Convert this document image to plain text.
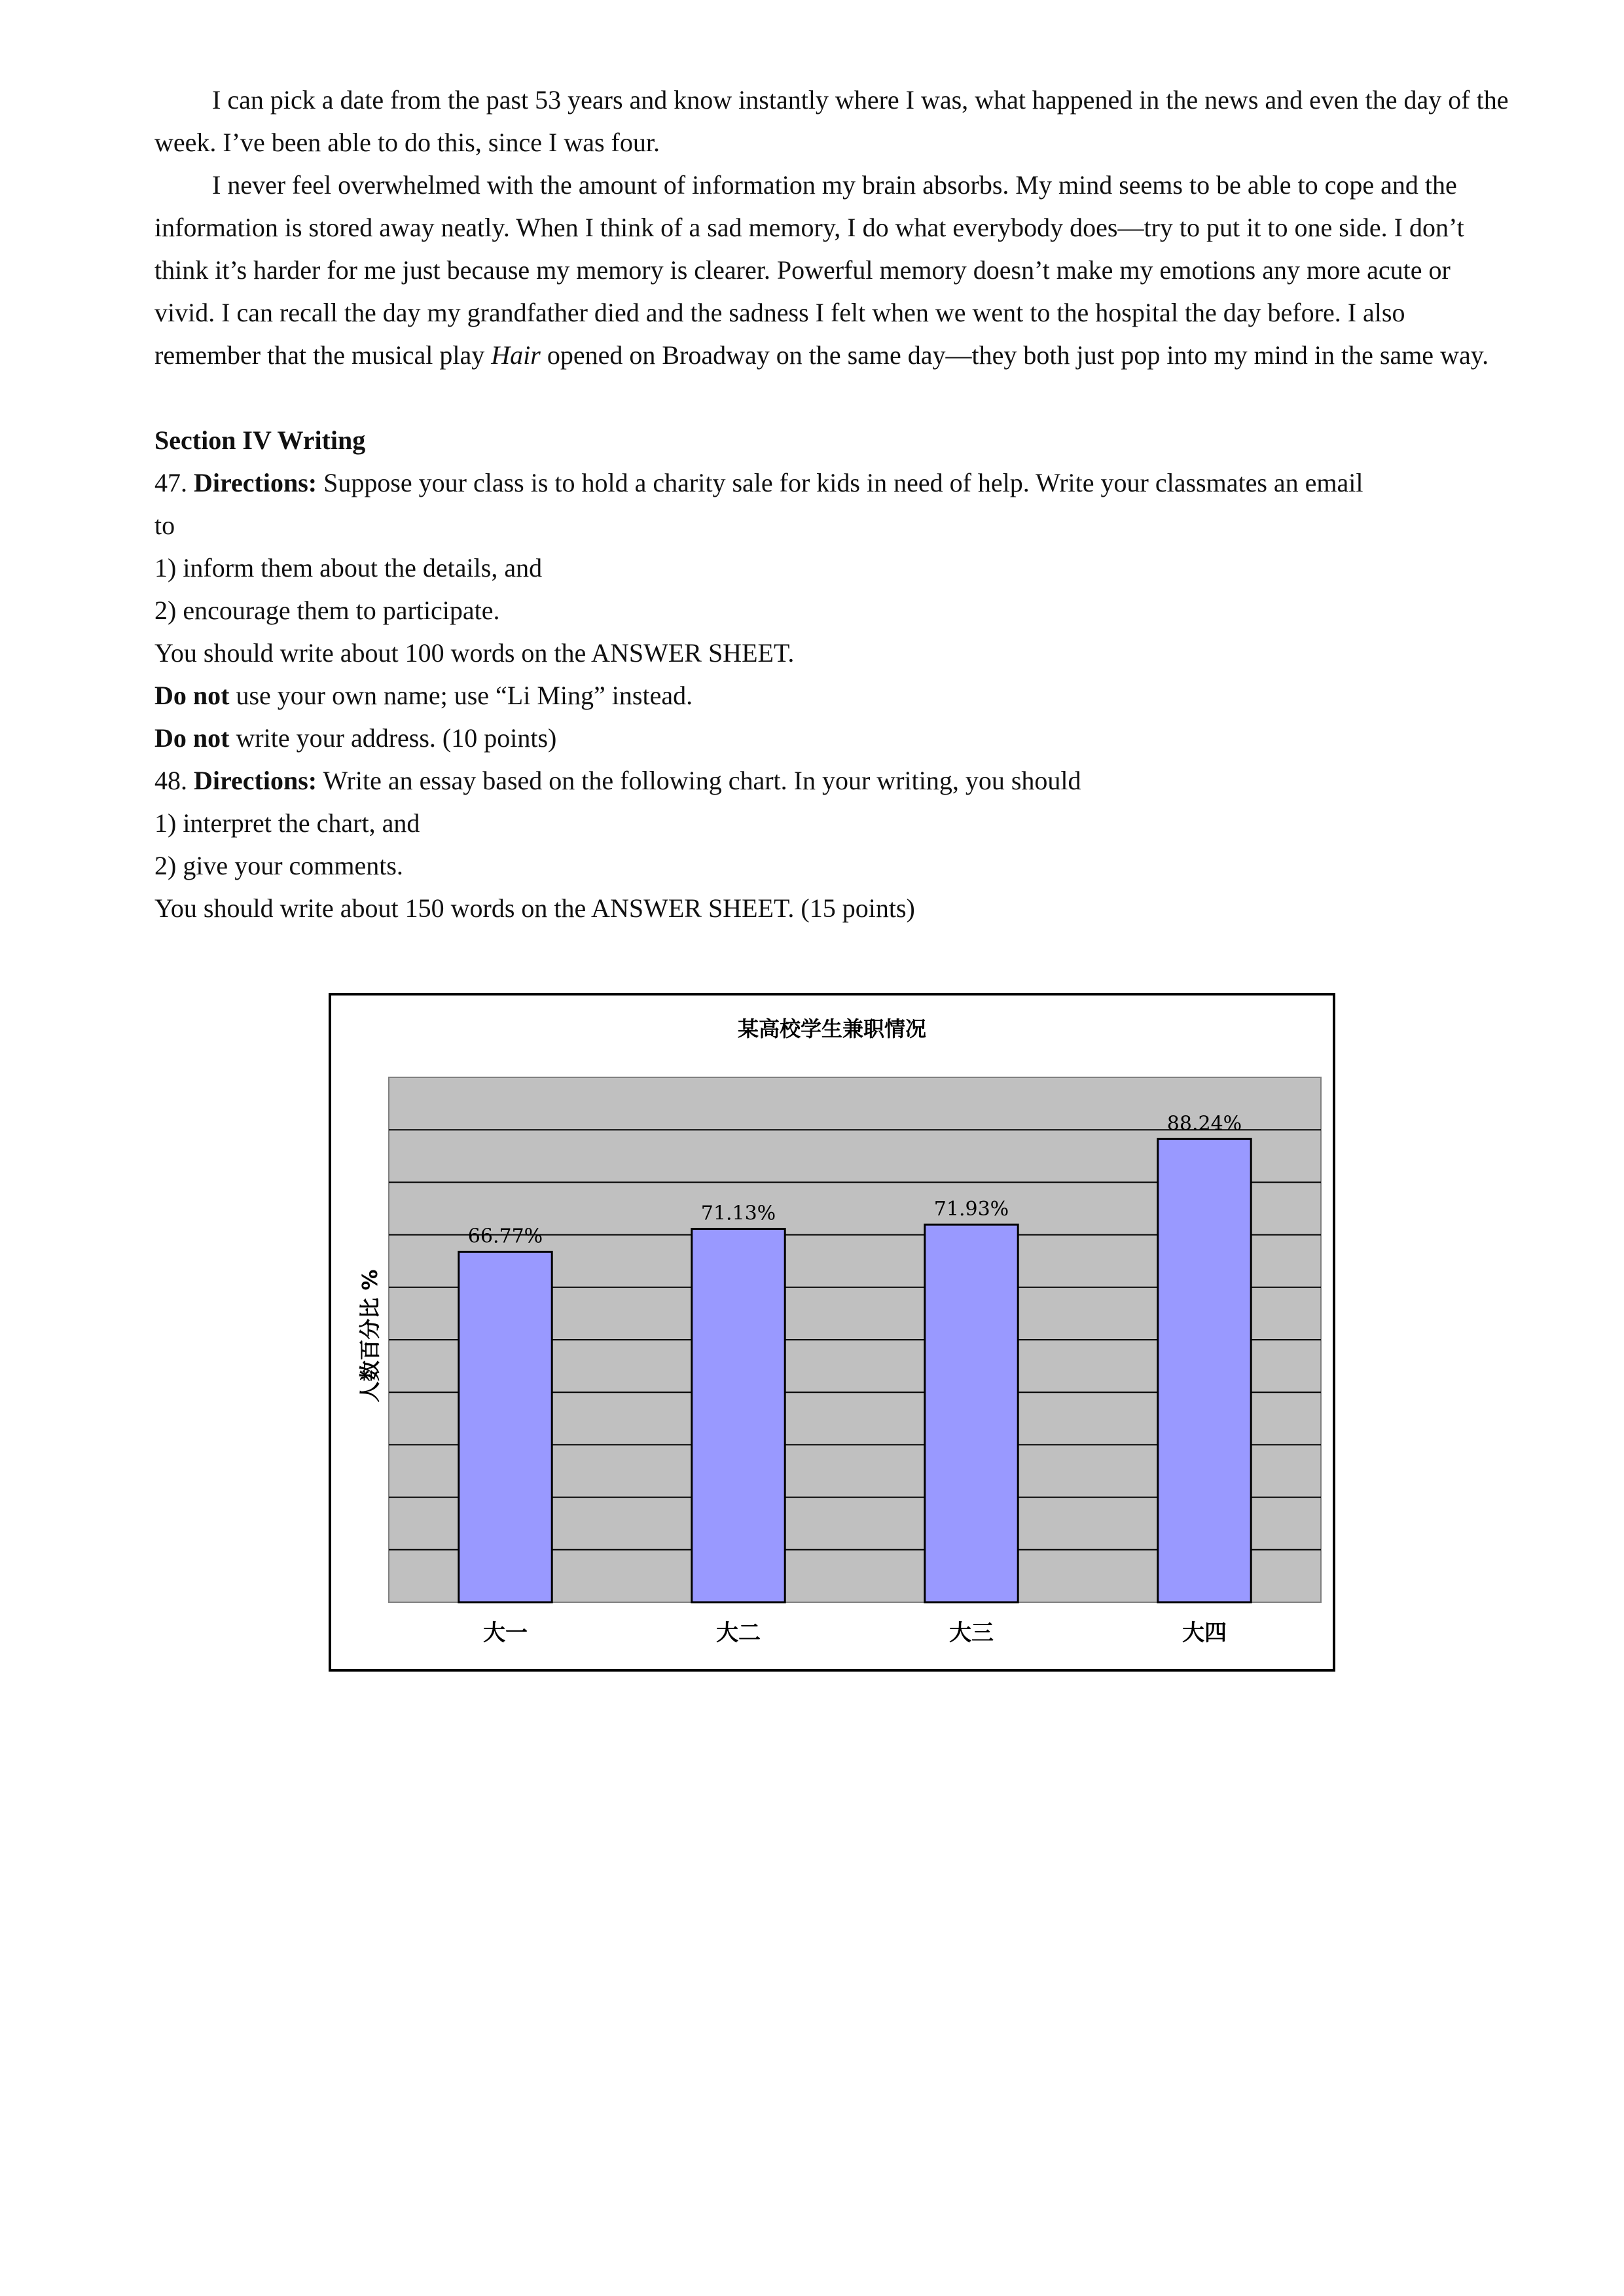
I can pick a date from the past 53 years and know instantly where I was, what happened in the news and even the day of the week. I’ve been able to do this, since I was four.

I never feel overwhelmed with the amount of information my brain absorbs. My mind seems to be able to cope and the information is stored away neatly. When I think of a sad memory, I do what everybody does—try to put it to one side. I don’t think it’s harder for me just because my memory is clearer. Powerful memory doesn’t make my emotions any more acute or vivid. I can recall the day my grandfather died and the sadness I felt when we went to the hospital the day before. I also remember that the musical play Hair opened on Broadway on the same day—they both just pop into my mind in the same way.

Section IV Writing

47. Directions: Suppose your class is to hold a charity sale for kids in need of help. Write your classmates an email

to

1) inform them about the details, and

2) encourage them to participate.

You should write about 100 words on the ANSWER SHEET.

Do not use your own name; use “Li Ming” instead.

Do not write your address. (10 points)

48. Directions: Write an essay based on the following chart. In your writing, you should

1) interpret the chart, and

2) give your comments.

You should write about 150 words on the ANSWER SHEET. (15 points)

某高校学生兼职情况
66.77%
71.13%	71.93%
88.24%
大一	大二	大三	大四
人数百分比 %
